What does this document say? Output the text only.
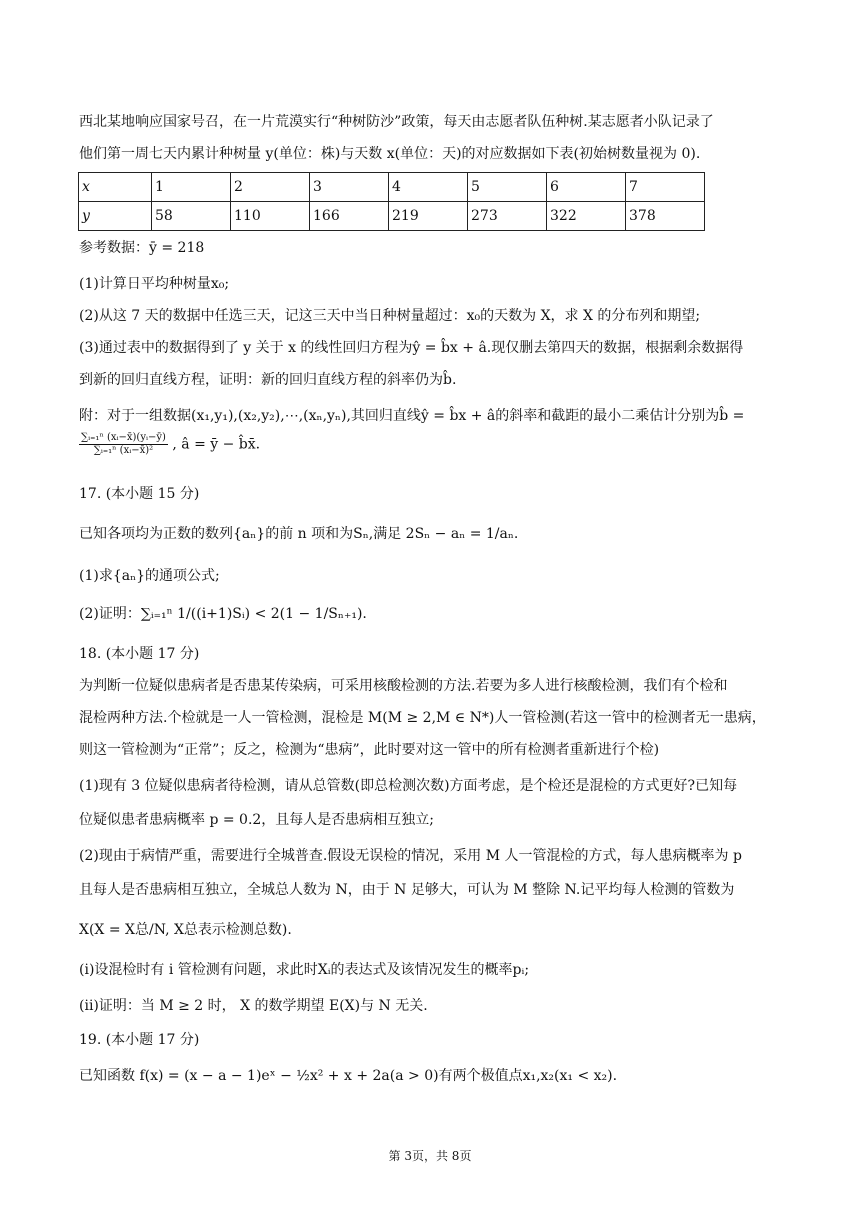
西北某地响应国家号召，在一片荒漠实行“种树防沙”政策，每天由志愿者队伍种树.某志愿者小队记录了
他们第一周七天内累计种树量 y(单位：株)与天数 x(单位：天)的对应数据如下表(初始树数量视为 0).
x	1	2	3	4	5	6	7
y	58	110	166	219	273	322	378
参考数据：ȳ = 218
(1)计算日平均种树量x₀;
(2)从这 7 天的数据中任选三天，记这三天中当日种树量超过：x₀的天数为 X，求 X 的分布列和期望;
(3)通过表中的数据得到了 y 关于 x 的线性回归方程为ŷ = b̂x + â.现仅删去第四天的数据，根据剩余数据得
到新的回归直线方程，证明：新的回归直线方程的斜率仍为b̂.
附：对于一组数据(x₁,y₁),(x₂,y₂),⋯,(xₙ,yₙ),其回归直线ŷ = b̂x + â的斜率和截距的最小二乘估计分别为b̂ =
$\frac{\text{∑ᵢ₌₁ⁿ (xᵢ−x̄)(yᵢ−ȳ)}}{\text{∑ᵢ₌₁ⁿ (xᵢ−x̄)²}}$ , â = ȳ − b̂x̄.
17. (本小题 15 分)
已知各项均为正数的数列{aₙ}的前 n 项和为Sₙ,满足 2Sₙ − aₙ = 1/aₙ.
(1)求{aₙ}的通项公式;
(2)证明：∑ᵢ₌₁ⁿ 1/((i+1)Sᵢ) < 2(1 − 1/Sₙ₊₁).
18. (本小题 17 分)
为判断一位疑似患病者是否患某传染病，可采用核酸检测的方法.若要为多人进行核酸检测，我们有个检和
混检两种方法.个检就是一人一管检测，混检是 M(M ≥ 2,M ∈ N*)人一管检测(若这一管中的检测者无一患病，
则这一管检测为“正常”；反之，检测为“患病”，此时要对这一管中的所有检测者重新进行个检)
(1)现有 3 位疑似患病者待检测，请从总管数(即总检测次数)方面考虑，是个检还是混检的方式更好?已知每
位疑似患者患病概率 p = 0.2，且每人是否患病相互独立;
(2)现由于病情严重，需要进行全城普查.假设无误检的情况，采用 M 人一管混检的方式，每人患病概率为 p
且每人是否患病相互独立，全城总人数为 N，由于 N 足够大，可认为 M 整除 N.记平均每人检测的管数为
X(X = X总/N, X总表示检测总数).
(i)设混检时有 i 管检测有问题，求此时Xᵢ的表达式及该情况发生的概率pᵢ;
(ii)证明：当 M ≥ 2 时， X 的数学期望 E(X)与 N 无关.
19. (本小题 17 分)
已知函数 f(x) = (x − a − 1)eˣ − ½x² + x + 2a(a > 0)有两个极值点x₁,x₂(x₁ < x₂).
第 3页，共 8页
